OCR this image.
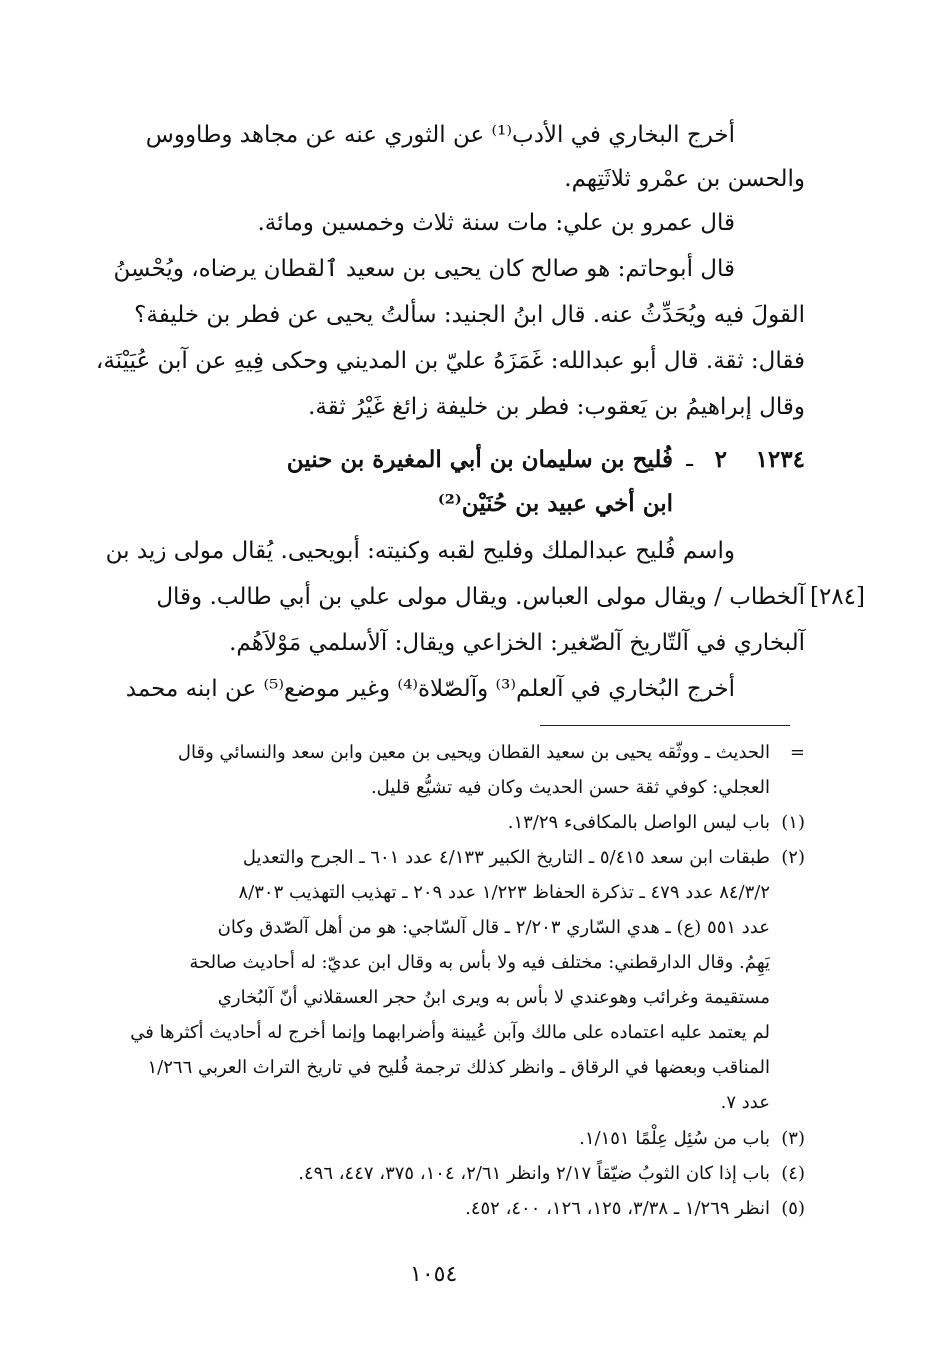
أخرج البخاري في الأدب⁽¹⁾ عن الثوري عنه عن مجاهد وطاووس
والحسن بن عمْرو ثلاثَتِهم.
قال عمرو بن علي: مات سنة ثلاث وخمسين ومائة.
قال أبوحاتم: هو صالح كان يحيى بن سعيد ٱلقطان يرضاه، ويُحْسِنُ
القولَ فيه ويُحَدِّثُ عنه. قال ابنُ الجنيد: سألتُ يحيى عن فطر بن خليفة؟
فقال: ثقة. قال أبو عبدالله: غَمَزَهُ عليّ بن المديني وحكى فِيهِ عن آبن عُيَيْنَة،
وقال إبراهيمُ بن يَعقوب: فطر بن خليفة زائغ غَيْرُ ثقة.
١٢٣٤
٢
ـ
فُليح بن سليمان بن أبي المغيرة بن حنين
ابن أخي عبيد بن حُنَيْن⁽²⁾
واسم فُليح عبدالملك وفليح لقبه وكنيته: أبويحيى. يُقال مولى زيد بن
آلخطاب / ويقال مولى العباس. ويقال مولى علي بن أبي طالب. وقال [٢٨٤]
آلبخاري في آلتّاريخ آلصّغير: الخزاعي ويقال: آلأسلمي مَوْلاَهُم.
أخرج البُخاري في آلعلم⁽³⁾ وآلصّلاة⁽⁴⁾ وغير موضع⁽⁵⁾ عن ابنه محمد
=
الحديث ـ ووثّقه يحيى بن سعيد القطان ويحيى بن معين وابن سعد والنسائي وقال
العجلي: كوفي ثقة حسن الحديث وكان فيه تشيُّع قليل.
(١)
باب ليس الواصل بالمكافىء ١٣/٢٩.
(٢)
طبقات ابن سعد ٥/٤١٥ ـ التاريخ الكبير ٤/١٣٣ عدد ٦٠١ ـ الجرح والتعديل
٨٤/٣/٢ عدد ٤٧٩ ـ تذكرة الحفاظ ١/٢٢٣ عدد ٢٠٩ ـ تهذيب التهذيب ٨/٣٠٣
عدد ٥٥١ (ع) ـ هدي السّاري ٢/٢٠٣ ـ قال آلسّاجي: هو من أهل آلصّدق وكان
يَهِمُ. وقال الدارقطني: مختلف فيه ولا بأس به وقال ابن عديّ: له أحاديث صالحة
مستقيمة وغرائب وهوعندي لا بأس به ويرى ابنُ حجر العسقلاني أنّ آلبُخاري
لم يعتمد عليه اعتماده على مالك وآبن عُيينة وأضرابهما وإنما أخرج له أحاديث أكثرها في
المناقب وبعضها في الرقاق ـ وانظر كذلك ترجمة فُليح في تاريخ التراث العربي ١/٢٦٦
عدد ٧.
(٣)
باب من سُئِل عِلْمًا ١/١٥١.
(٤)
باب إذا كان الثوبُ ضيّقاً ٢/١٧ وانظر ٢/٦١، ١٠٤، ٣٧٥، ٤٤٧، ٤٩٦.
(٥)
انظر ١/٢٦٩ ـ ٣/٣٨، ١٢٥، ١٢٦، ٤٠٠، ٤٥٢.
١٠٥٤
